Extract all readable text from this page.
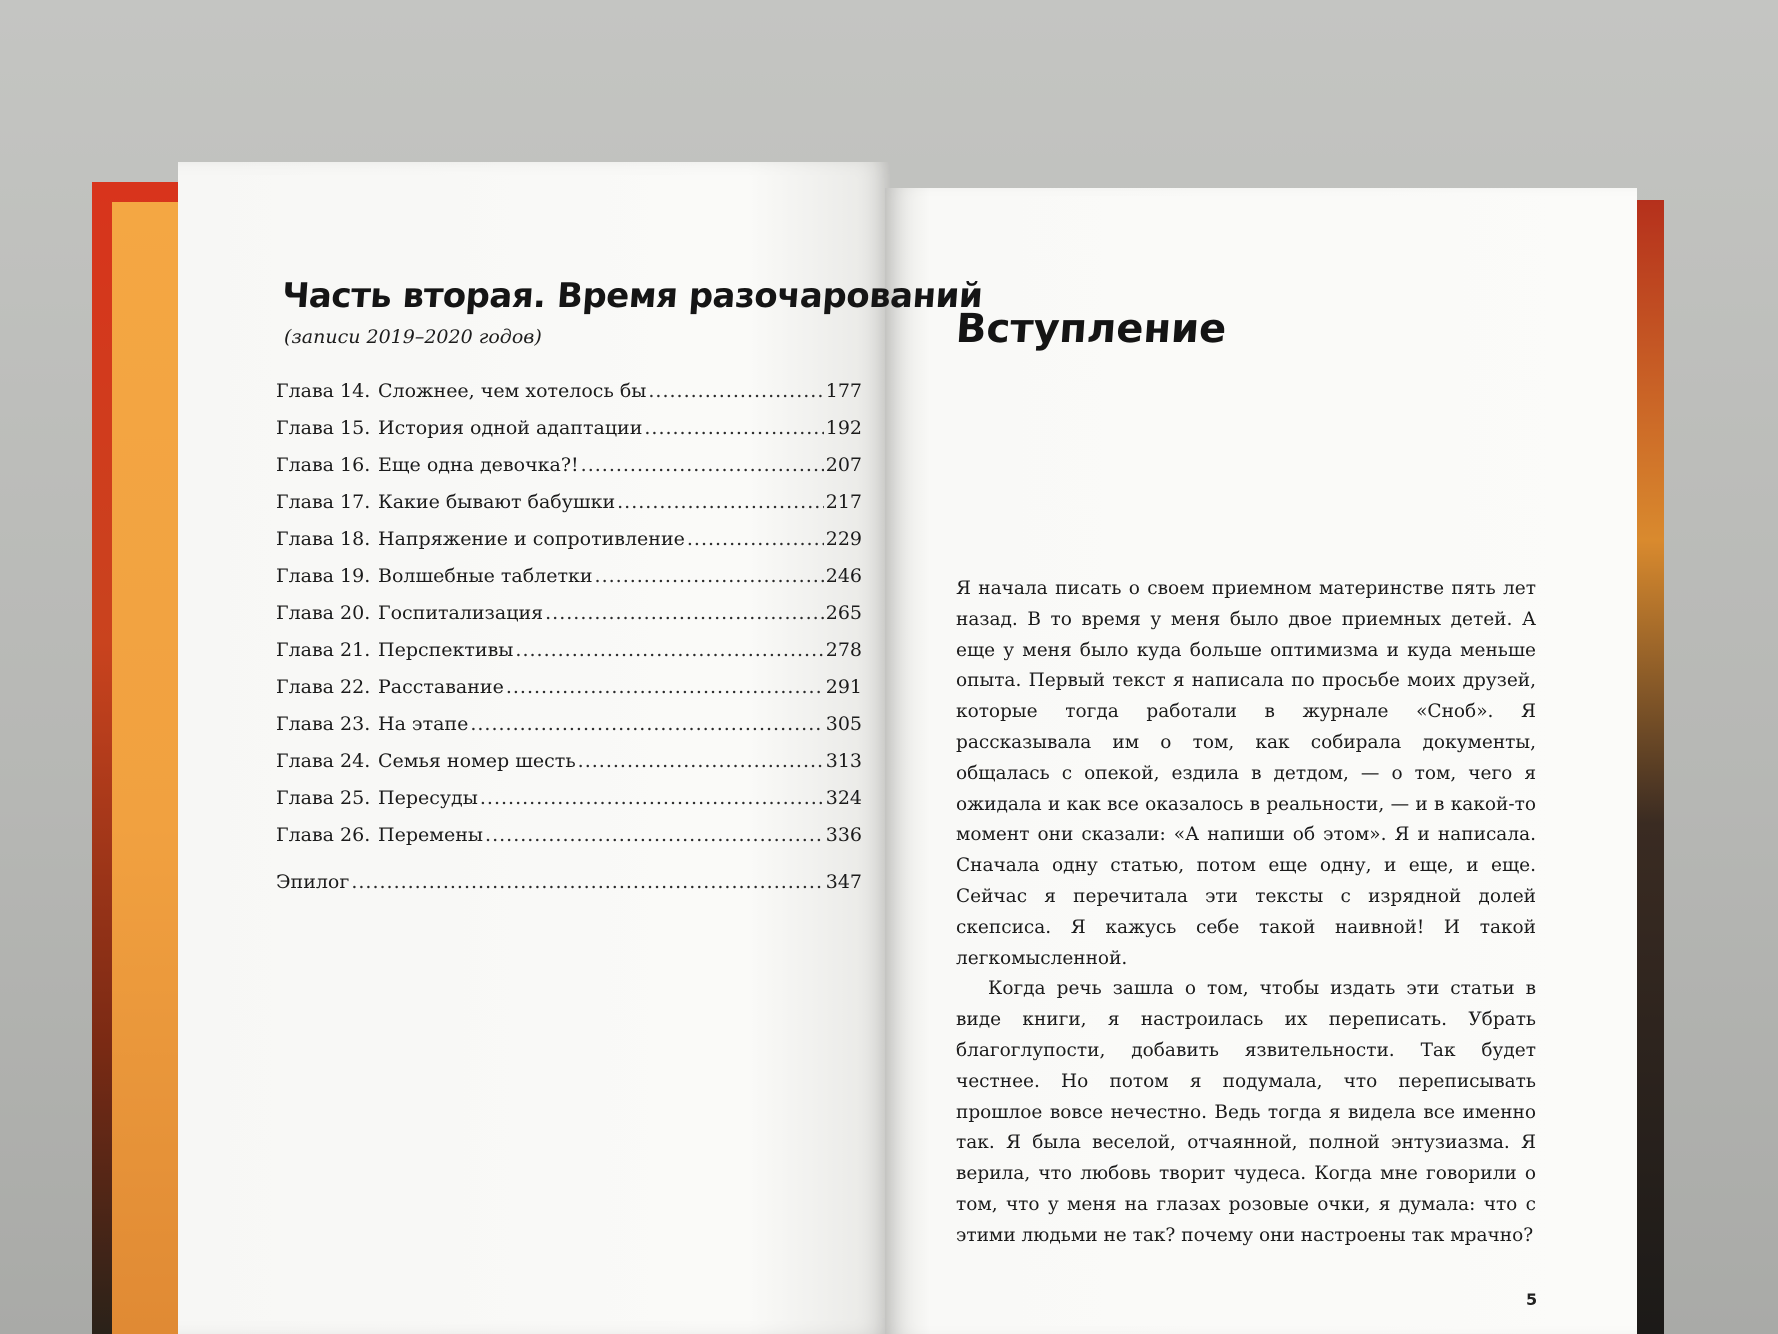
Часть вторая. Время разочарований
(записи 2019–2020 годов)
Глава 14. Сложнее, чем хотелось бы .....	177
Глава 15. История одной адаптации .....	192
Глава 16. Еще одна девочка?! .....	207
Глава 17. Какие бывают бабушки .....	217
Глава 18. Напряжение и сопротивление .....	229
Глава 19. Волшебные таблетки .....	246
Глава 20. Госпитализация .....	265
Глава 21. Перспективы .....	278
Глава 22. Расставание .....	291
Глава 23. На этапе .....	305
Глава 24. Семья номер шесть .....	313
Глава 25. Пересуды .....	324
Глава 26. Перемены .....	336
Эпилог .....	347
Вступление

Я начала писать о своем приемном материнстве пять лет назад. В то время у меня было двое приемных детей. А еще у меня было куда больше оптимизма и куда меньше опыта. Первый текст я написала по просьбе моих друзей, которые тогда работали в журнале «Сноб». Я рассказывала им о том, как собирала документы, общалась с опекой, ездила в детдом, — о том, чего я ожидала и как все оказалось в реальности, — и в какой-то момент они сказали: «А напиши об этом». Я и написала. Сначала одну статью, потом еще одну, и еще, и еще. Сейчас я перечитала эти тексты с изрядной долей скепсиса. Я кажусь себе такой наивной! И такой легкомысленной.

Когда речь зашла о том, чтобы издать эти статьи в виде книги, я настроилась их переписать. Убрать благоглупости, добавить язвительности. Так будет честнее. Но потом я подумала, что переписывать прошлое вовсе нечестно. Ведь тогда я видела все именно так. Я была веселой, отчаянной, полной энтузиазма. Я верила, что любовь творит чудеса. Когда мне говорили о том, что у меня на глазах розовые очки, я думала: что с этими людьми не так? почему они настроены так мрачно?

5
